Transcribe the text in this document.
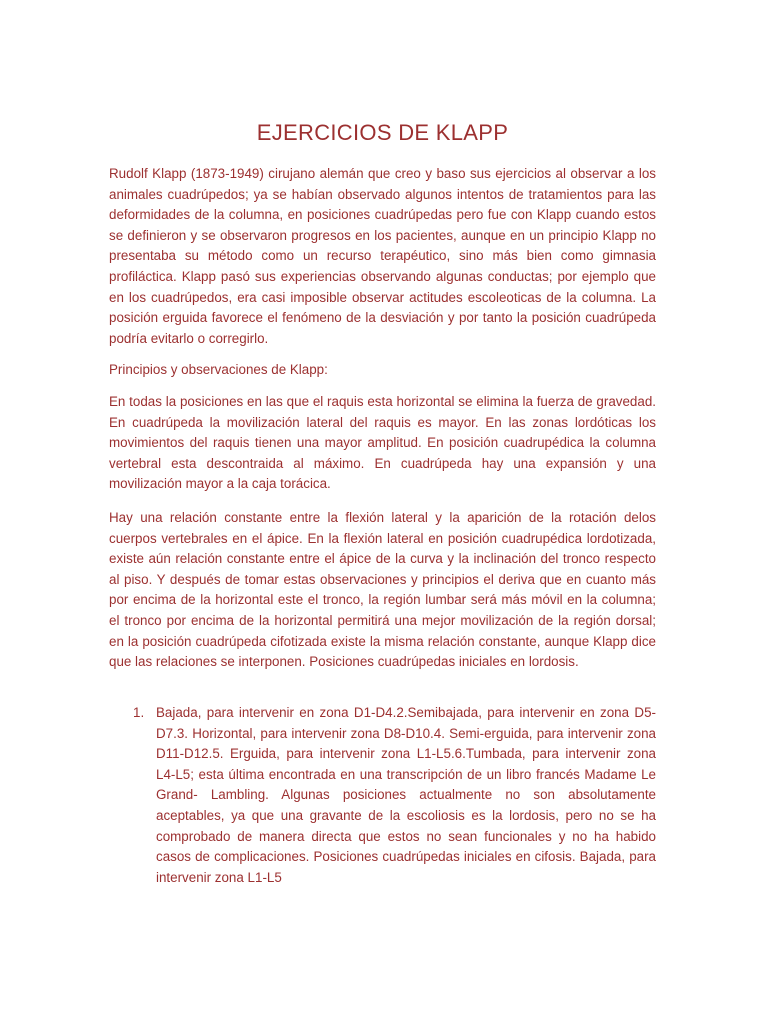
EJERCICIOS DE KLAPP

Rudolf Klapp (1873-1949) cirujano alemán que creo y baso sus ejercicios al observar a los animales cuadrúpedos; ya se habían observado algunos intentos de tratamientos para las deformidades de la columna, en posiciones cuadrúpedas pero fue con Klapp cuando estos se definieron y se observaron progresos en los pacientes, aunque en un principio Klapp no presentaba su método como un recurso terapéutico, sino más bien como gimnasia profiláctica. Klapp pasó sus experiencias observando algunas conductas; por ejemplo que en los cuadrúpedos, era casi imposible observar actitudes escoleoticas de la columna. La posición erguida favorece el fenómeno de la desviación y por tanto la posición cuadrúpeda podría evitarlo o corregirlo.

Principios y observaciones de Klapp:

En todas la posiciones en las que el raquis esta horizontal se elimina la fuerza de gravedad. En cuadrúpeda la movilización lateral del raquis es mayor. En las zonas lordóticas los movimientos del raquis tienen una mayor amplitud. En posición cuadrupédica la columna vertebral esta descontraida al máximo. En cuadrúpeda hay una expansión y una movilización mayor a la caja torácica.

Hay una relación constante entre la flexión lateral y la aparición de la rotación delos cuerpos vertebrales en el ápice. En la flexión lateral en posición cuadrupédica lordotizada, existe aún relación constante entre el ápice de la curva y la inclinación del tronco respecto al piso. Y después de tomar estas observaciones y principios el deriva que en cuanto más por encima de la horizontal este el tronco, la región lumbar será más móvil en la columna; el tronco por encima de la horizontal permitirá una mejor movilización de la región dorsal; en la posición cuadrúpeda cifotizada existe la misma relación constante, aunque Klapp dice que las relaciones se interponen. Posiciones cuadrúpedas iniciales en lordosis.

1. Bajada, para intervenir en zona D1-D4.2.Semibajada, para intervenir en zona D5-D7.3. Horizontal, para intervenir zona D8-D10.4. Semi-erguida, para intervenir zona D11-D12.5. Erguida, para intervenir zona L1-L5.6.Tumbada, para intervenir zona L4-L5; esta última encontrada en una transcripción de un libro francés Madame Le Grand- Lambling. Algunas posiciones actualmente no son absolutamente aceptables, ya que una gravante de la escoliosis es la lordosis, pero no se ha comprobado de manera directa que estos no sean funcionales y no ha habido casos de complicaciones. Posiciones cuadrúpedas iniciales en cifosis. Bajada, para intervenir zona L1-L5
